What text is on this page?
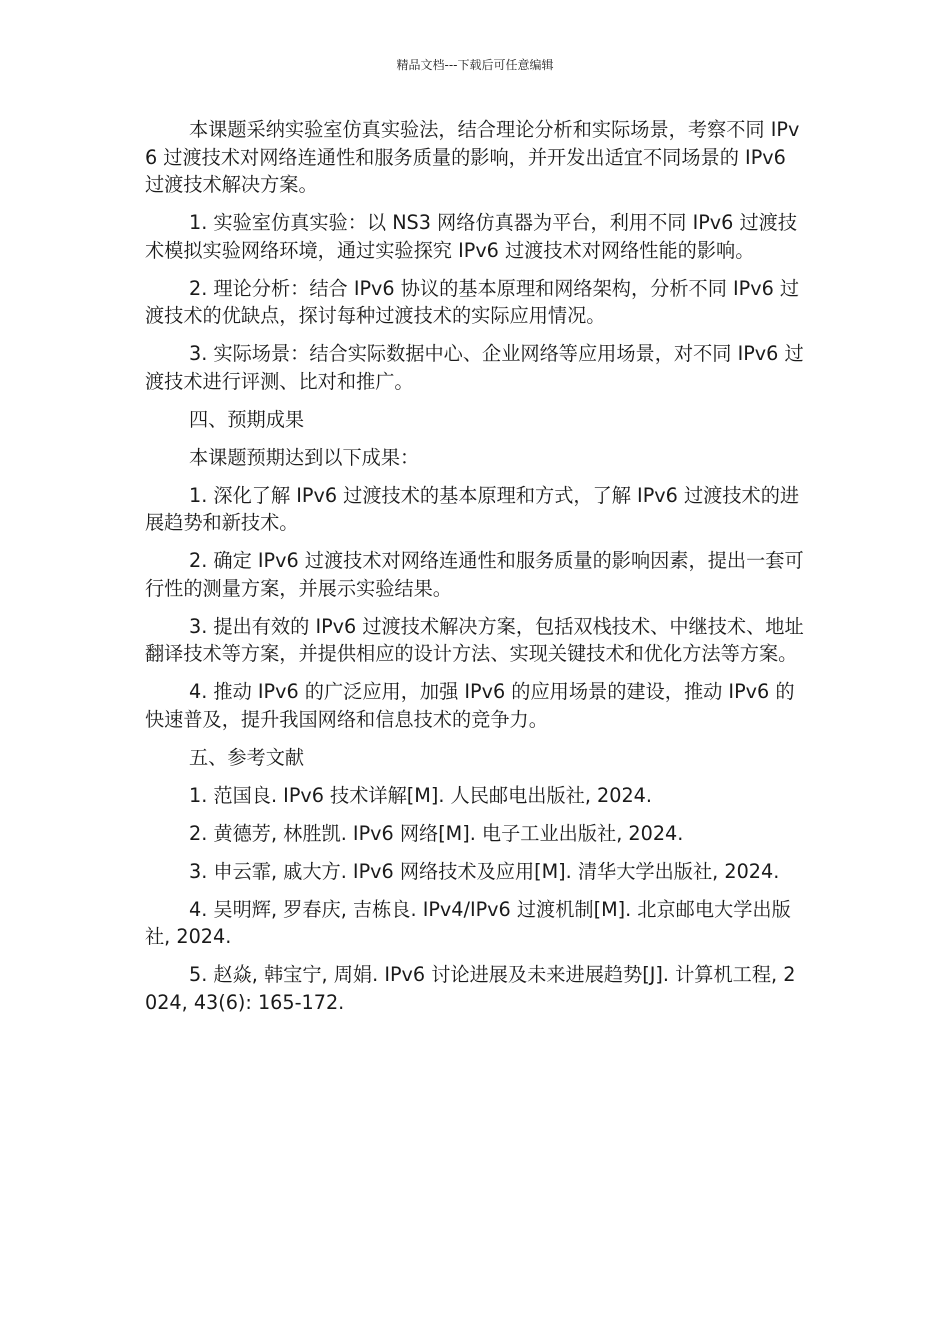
精品文档---下载后可任意编辑

本课题采纳实验室仿真实验法，结合理论分析和实际场景，考察不同 IPv6 过渡技术对网络连通性和服务质量的影响，并开发出适宜不同场景的 IPv6 过渡技术解决方案。

1. 实验室仿真实验：以 NS3 网络仿真器为平台，利用不同 IPv6 过渡技术模拟实验网络环境，通过实验探究 IPv6 过渡技术对网络性能的影响。

2. 理论分析：结合 IPv6 协议的基本原理和网络架构，分析不同 IPv6 过渡技术的优缺点，探讨每种过渡技术的实际应用情况。

3. 实际场景：结合实际数据中心、企业网络等应用场景，对不同 IPv6 过渡技术进行评测、比对和推广。

四、预期成果

本课题预期达到以下成果：

1. 深化了解 IPv6 过渡技术的基本原理和方式，了解 IPv6 过渡技术的进展趋势和新技术。

2. 确定 IPv6 过渡技术对网络连通性和服务质量的影响因素，提出一套可行性的测量方案，并展示实验结果。

3. 提出有效的 IPv6 过渡技术解决方案，包括双栈技术、中继技术、地址翻译技术等方案，并提供相应的设计方法、实现关键技术和优化方法等方案。

4. 推动 IPv6 的广泛应用，加强 IPv6 的应用场景的建设，推动 IPv6 的快速普及，提升我国网络和信息技术的竞争力。

五、参考文献

1. 范国良. IPv6 技术详解[M]. 人民邮电出版社, 2024.

2. 黄德芳, 林胜凯. IPv6 网络[M]. 电子工业出版社, 2024.

3. 申云霏, 戚大方. IPv6 网络技术及应用[M]. 清华大学出版社, 2024.

4. 吴明辉, 罗春庆, 吉栋良. IPv4/IPv6 过渡机制[M]. 北京邮电大学出版社, 2024.

5. 赵焱, 韩宝宁, 周娟. IPv6 讨论进展及未来进展趋势[J]. 计算机工程, 2024, 43(6): 165-172.
